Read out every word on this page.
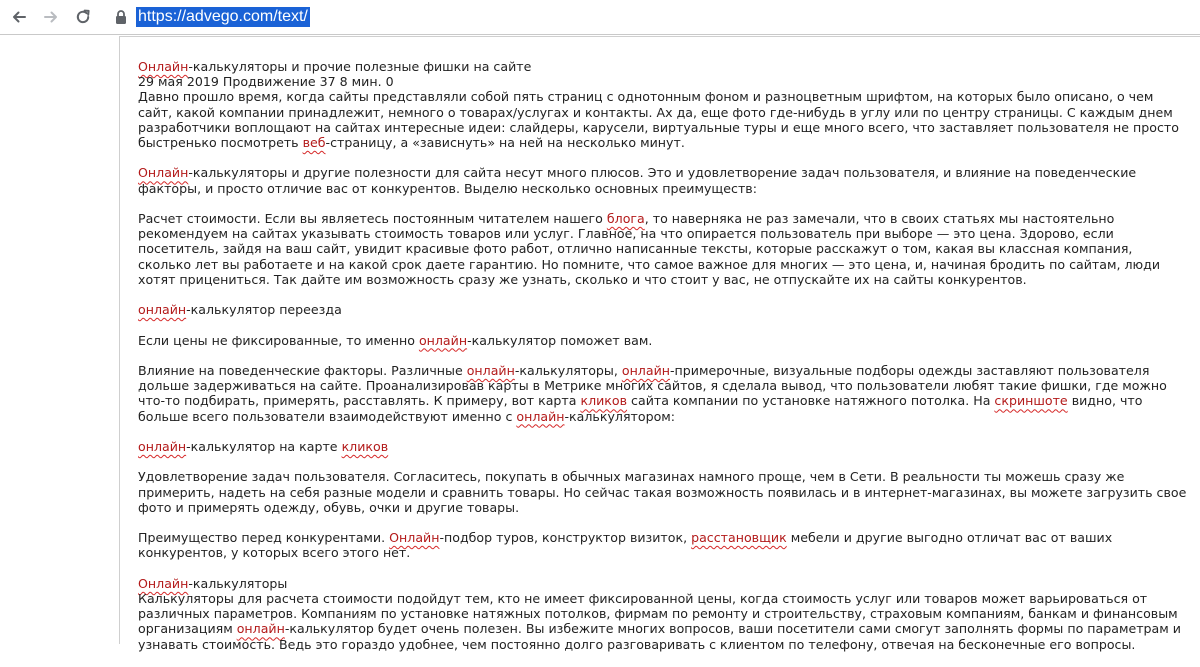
https://advego.com/text/

Онлайн-калькуляторы и прочие полезные фишки на сайте

29 мая 2019 Продвижение 37 8 мин. 0

Давно прошло время, когда сайты представляли собой пять страниц с однотонным фоном и разноцветным шрифтом, на которых было описано, о чем сайт, какой компании принадлежит, немного о товарах/услугах и контакты. Ах да, еще фото где-нибудь в углу или по центру страницы. С каждым днем разработчики воплощают на сайтах интересные идеи: слайдеры, карусели, виртуальные туры и еще много всего, что заставляет пользователя не просто быстренько посмотреть веб-страницу, а «зависнуть» на ней на несколько минут.

Онлайн-калькуляторы и другие полезности для сайта несут много плюсов. Это и удовлетворение задач пользователя, и влияние на поведенческие факторы, и просто отличие вас от конкурентов. Выделю несколько основных преимуществ:

Расчет стоимости. Если вы являетесь постоянным читателем нашего блога, то наверняка не раз замечали, что в своих статьях мы настоятельно рекомендуем на сайтах указывать стоимость товаров или услуг. Главное, на что опирается пользователь при выборе — это цена. Здорово, если посетитель, зайдя на ваш сайт, увидит красивые фото работ, отлично написанные тексты, которые расскажут о том, какая вы классная компания, сколько лет вы работаете и на какой срок даете гарантию. Но помните, что самое важное для многих — это цена, и, начиная бродить по сайтам, люди хотят прицениться. Так дайте им возможность сразу же узнать, сколько и что стоит у вас, не отпускайте их на сайты конкурентов.

онлайн-калькулятор переезда

Если цены не фиксированные, то именно онлайн-калькулятор поможет вам.

Влияние на поведенческие факторы. Различные онлайн-калькуляторы, онлайн-примерочные, визуальные подборы одежды заставляют пользователя дольше задерживаться на сайте. Проанализировав карты в Метрике многих сайтов, я сделала вывод, что пользователи любят такие фишки, где можно что-то подбирать, примерять, расставлять. К примеру, вот карта кликов сайта компании по установке натяжного потолка. На скриншоте видно, что больше всего пользователи взаимодействуют именно с онлайн-калькулятором:

онлайн-калькулятор на карте кликов

Удовлетворение задач пользователя. Согласитесь, покупать в обычных магазинах намного проще, чем в Сети. В реальности ты можешь сразу же примерить, надеть на себя разные модели и сравнить товары. Но сейчас такая возможность появилась и в интернет-магазинах, вы можете загрузить свое фото и примерять одежду, обувь, очки и другие товары.

Преимущество перед конкурентами. Онлайн-подбор туров, конструктор визиток, расстановщик мебели и другие выгодно отличат вас от ваших конкурентов, у которых всего этого нет.

Онлайн-калькуляторы

Калькуляторы для расчета стоимости подойдут тем, кто не имеет фиксированной цены, когда стоимость услуг или товаров может варьироваться от различных параметров. Компаниям по установке натяжных потолков, фирмам по ремонту и строительству, страховым компаниям, банкам и финансовым организациям онлайн-калькулятор будет очень полезен. Вы избежите многих вопросов, ваши посетители сами смогут заполнять формы по параметрам и узнавать стоимость. Ведь это гораздо удобнее, чем постоянно долго разговаривать с клиентом по телефону, отвечая на бесконечные его вопросы.
